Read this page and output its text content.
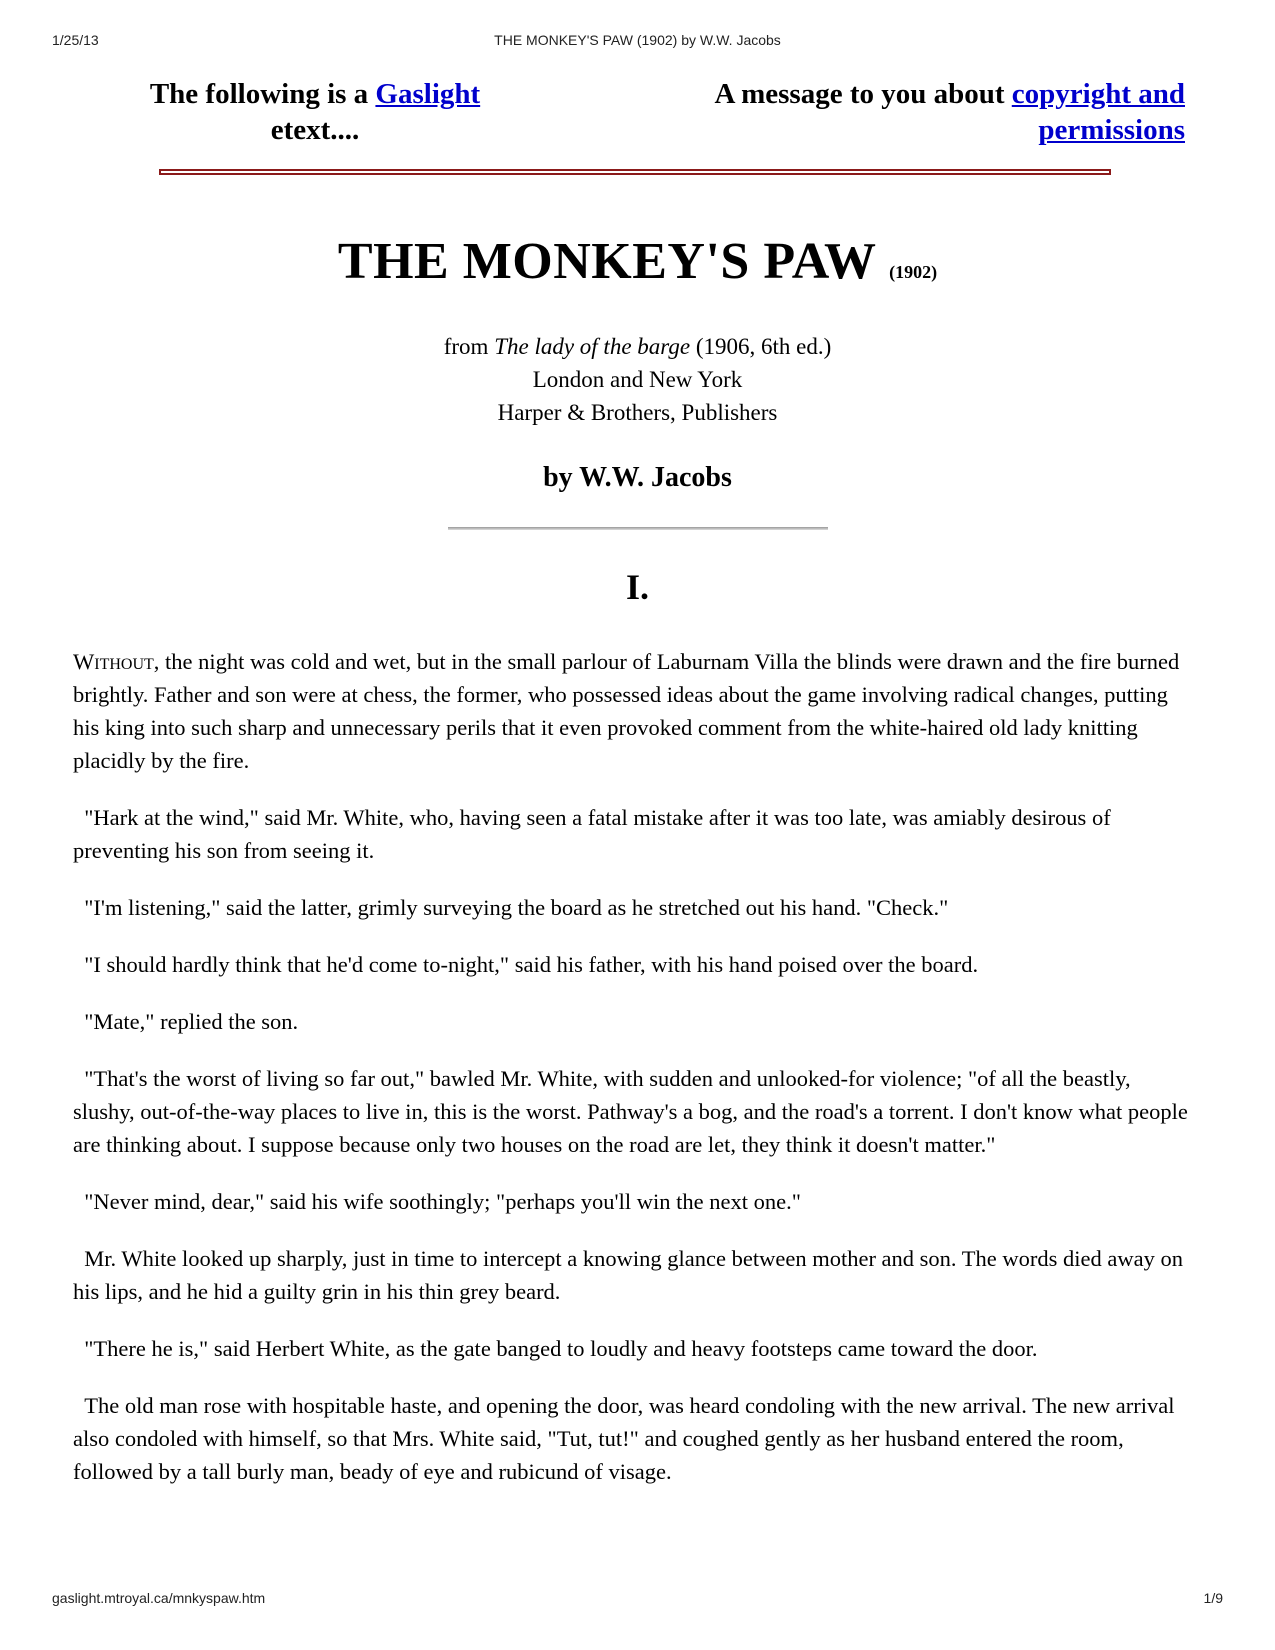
1/25/13	THE MONKEY'S PAW (1902) by W.W. Jacobs
The following is a Gaslight
etext....
A message to you about copyright and permissions
THE MONKEY'S PAW (1902)
from The lady of the barge (1906, 6th ed.)
London and New York
Harper & Brothers, Publishers
by W.W. Jacobs
I.

Without, the night was cold and wet, but in the small parlour of Laburnam Villa the blinds were drawn and the fire burned brightly. Father and son were at chess, the former, who possessed ideas about the game involving radical changes, putting his king into such sharp and unnecessary perils that it even provoked comment from the white-haired old lady knitting placidly by the fire.

"Hark at the wind," said Mr. White, who, having seen a fatal mistake after it was too late, was amiably desirous of preventing his son from seeing it.

"I'm listening," said the latter, grimly surveying the board as he stretched out his hand. "Check."

"I should hardly think that he'd come to-night," said his father, with his hand poised over the board.

"Mate," replied the son.

"That's the worst of living so far out," bawled Mr. White, with sudden and unlooked-for violence; "of all the beastly, slushy, out-of-the-way places to live in, this is the worst. Pathway's a bog, and the road's a torrent. I don't know what people are thinking about. I suppose because only two houses on the road are let, they think it doesn't matter."

"Never mind, dear," said his wife soothingly; "perhaps you'll win the next one."

Mr. White looked up sharply, just in time to intercept a knowing glance between mother and son. The words died away on his lips, and he hid a guilty grin in his thin grey beard.

"There he is," said Herbert White, as the gate banged to loudly and heavy footsteps came toward the door.

The old man rose with hospitable haste, and opening the door, was heard condoling with the new arrival. The new arrival also condoled with himself, so that Mrs. White said, "Tut, tut!" and coughed gently as her husband entered the room, followed by a tall burly man, beady of eye and rubicund of visage.

gaslight.mtroyal.ca/mnkyspaw.htm	1/9
